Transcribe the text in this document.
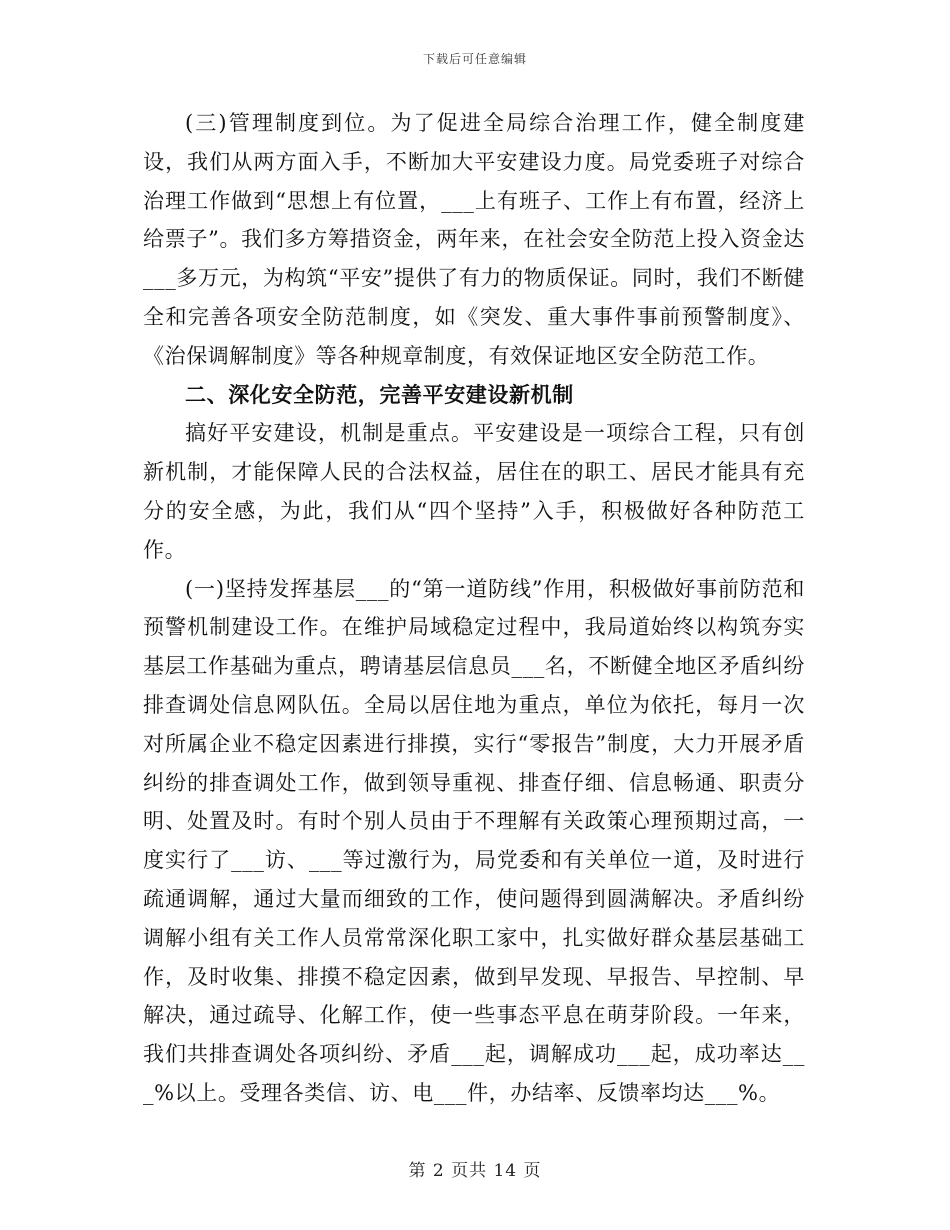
下载后可任意编辑

(三)管理制度到位。为了促进全局综合治理工作，健全制度建设，我们从两方面入手，不断加大平安建设力度。局党委班子对综合治理工作做到“思想上有位置，___上有班子、工作上有布置，经济上给票子”。我们多方筹措资金，两年来，在社会安全防范上投入资金达___多万元，为构筑“平安”提供了有力的物质保证。同时，我们不断健全和完善各项安全防范制度，如《突发、重大事件事前预警制度》、《治保调解制度》等各种规章制度，有效保证地区安全防范工作。

二、深化安全防范，完善平安建设新机制

搞好平安建设，机制是重点。平安建设是一项综合工程，只有创新机制，才能保障人民的合法权益，居住在的职工、居民才能具有充分的安全感，为此，我们从“四个坚持”入手，积极做好各种防范工作。

(一)坚持发挥基层___的“第一道防线”作用，积极做好事前防范和预警机制建设工作。在维护局域稳定过程中，我局道始终以构筑夯实基层工作基础为重点，聘请基层信息员___名，不断健全地区矛盾纠纷排查调处信息网队伍。全局以居住地为重点，单位为依托，每月一次对所属企业不稳定因素进行排摸，实行“零报告”制度，大力开展矛盾纠纷的排查调处工作，做到领导重视、排查仔细、信息畅通、职责分明、处置及时。有时个别人员由于不理解有关政策心理预期过高，一度实行了___访、___等过激行为，局党委和有关单位一道，及时进行疏通调解，通过大量而细致的工作，使问题得到圆满解决。矛盾纠纷调解小组有关工作人员常常深化职工家中，扎实做好群众基层基础工作，及时收集、排摸不稳定因素，做到早发现、早报告、早控制、早解决，通过疏导、化解工作，使一些事态平息在萌芽阶段。一年来，我们共排查调处各项纠纷、矛盾___起，调解成功___起，成功率达___%以上。受理各类信、访、电___件，办结率、反馈率均达___%。

第 2 页共 14 页
